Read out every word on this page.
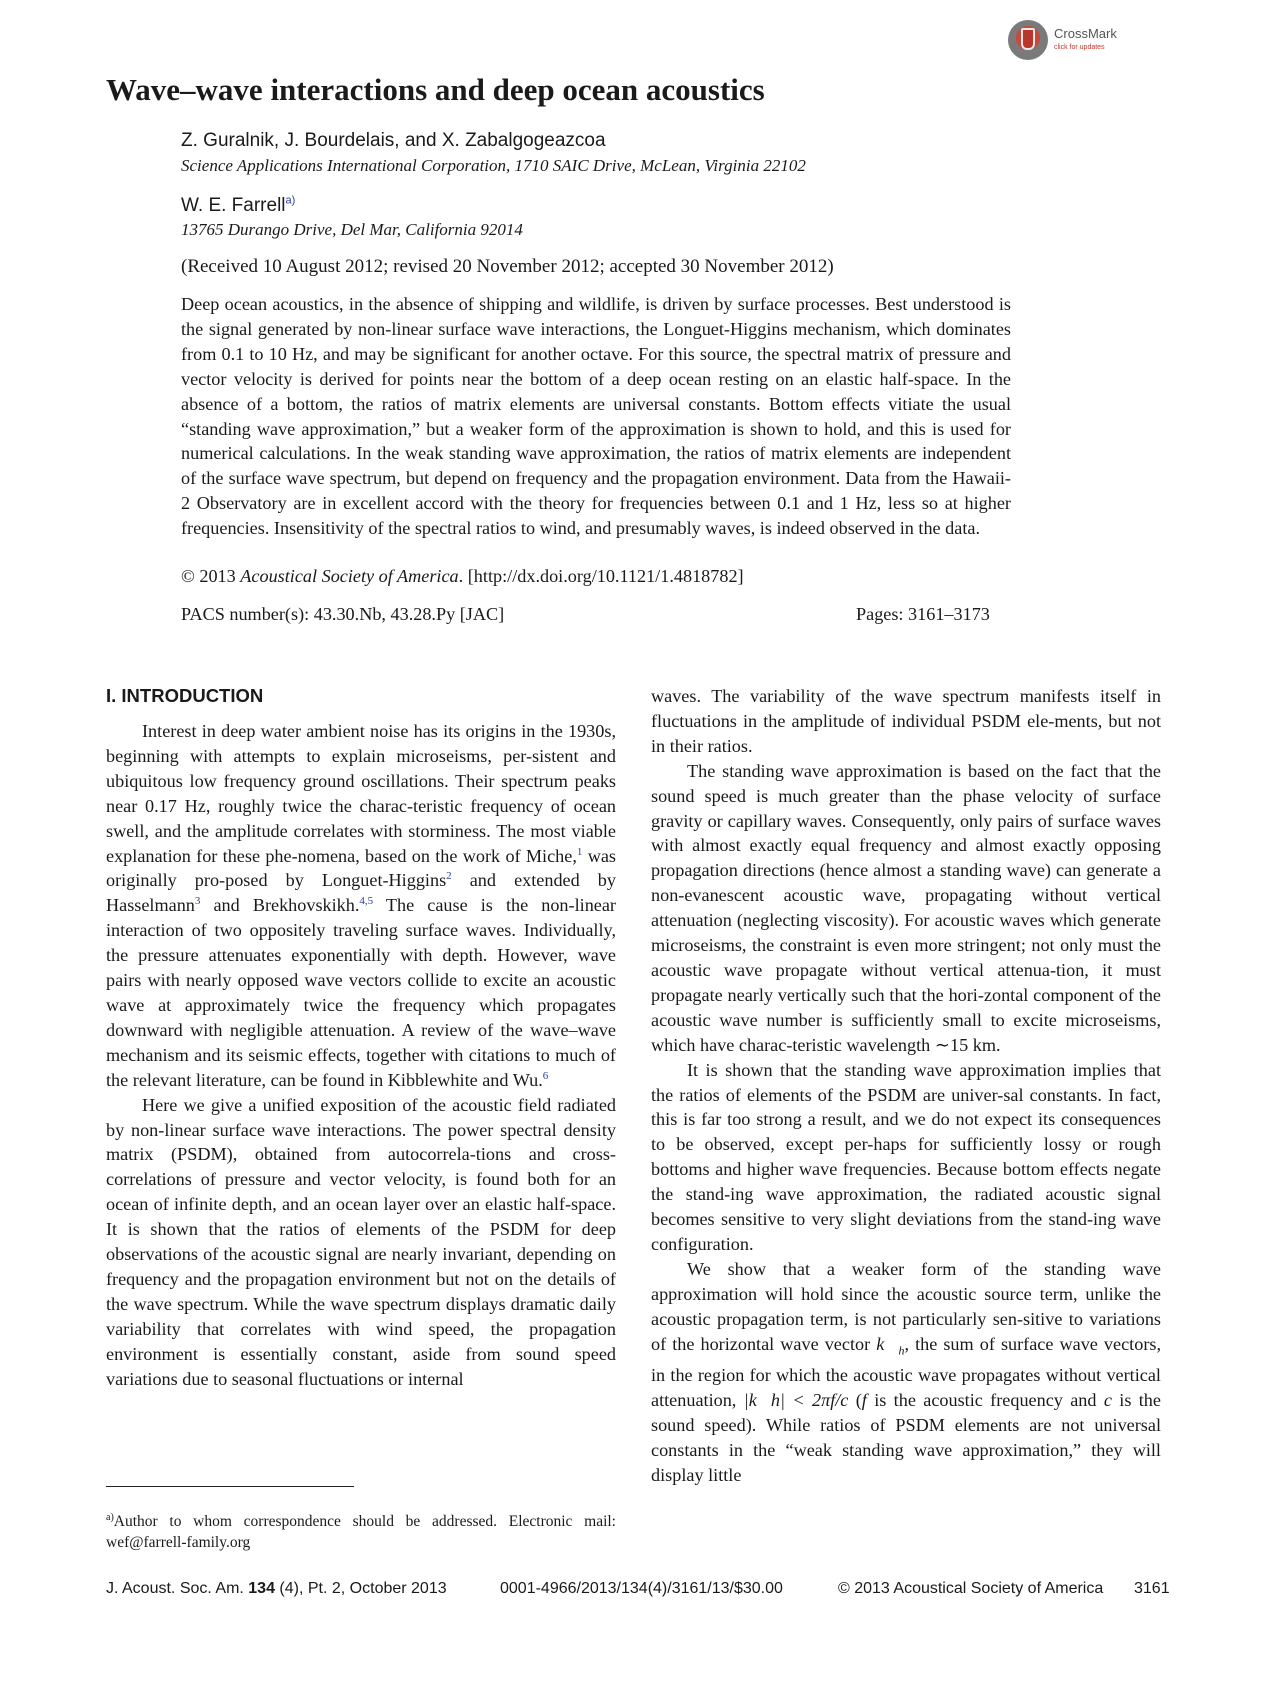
CrossMark
click for updates
Wave–wave interactions and deep ocean acoustics
Z. Guralnik, J. Bourdelais, and X. Zabalgogeazcoa
Science Applications International Corporation, 1710 SAIC Drive, McLean, Virginia 22102
W. E. Farrell$^{a)}$
13765 Durango Drive, Del Mar, California 92014
(Received 10 August 2012; revised 20 November 2012; accepted 30 November 2012)
Deep ocean acoustics, in the absence of shipping and wildlife, is driven by surface processes. Best understood is the signal generated by non-linear surface wave interactions, the Longuet-Higgins mechanism, which dominates from 0.1 to 10 Hz, and may be significant for another octave. For this source, the spectral matrix of pressure and vector velocity is derived for points near the bottom of a deep ocean resting on an elastic half-space. In the absence of a bottom, the ratios of matrix elements are universal constants. Bottom effects vitiate the usual “standing wave approximation,” but a weaker form of the approximation is shown to hold, and this is used for numerical calculations. In the weak standing wave approximation, the ratios of matrix elements are independent of the surface wave spectrum, but depend on frequency and the propagation environment. Data from the Hawaii-2 Observatory are in excellent accord with the theory for frequencies between 0.1 and 1 Hz, less so at higher frequencies. Insensitivity of the spectral ratios to wind, and presumably waves, is indeed observed in the data.
© 2013 Acoustical Society of America. [http://dx.doi.org/10.1121/1.4818782]
PACS number(s): 43.30.Nb, 43.28.Py [JAC]	Pages: 3161–3173
I. INTRODUCTION

Interest in deep water ambient noise has its origins in the 1930s, beginning with attempts to explain microseisms, per-sistent and ubiquitous low frequency ground oscillations. Their spectrum peaks near 0.17 Hz, roughly twice the charac-teristic frequency of ocean swell, and the amplitude correlates with storminess. The most viable explanation for these phe-nomena, based on the work of Miche,$^1$ was originally pro-posed by Longuet-Higgins$^2$ and extended by Hasselmann$^3$ and Brekhovskikh.$^{4,5}$ The cause is the non-linear interaction of two oppositely traveling surface waves. Individually, the pressure attenuates exponentially with depth. However, wave pairs with nearly opposed wave vectors collide to excite an acoustic wave at approximately twice the frequency which propagates downward with negligible attenuation. A review of the wave–wave mechanism and its seismic effects, together with citations to much of the relevant literature, can be found in Kibblewhite and Wu.$^6$

Here we give a unified exposition of the acoustic field radiated by non-linear surface wave interactions. The power spectral density matrix (PSDM), obtained from autocorrela-tions and cross-correlations of pressure and vector velocity, is found both for an ocean of infinite depth, and an ocean layer over an elastic half-space. It is shown that the ratios of elements of the PSDM for deep observations of the acoustic signal are nearly invariant, depending on frequency and the propagation environment but not on the details of the wave spectrum. While the wave spectrum displays dramatic daily variability that correlates with wind speed, the propagation environment is essentially constant, aside from sound speed variations due to seasonal fluctuations or internal

waves. The variability of the wave spectrum manifests itself in fluctuations in the amplitude of individual PSDM ele-ments, but not in their ratios.

The standing wave approximation is based on the fact that the sound speed is much greater than the phase velocity of surface gravity or capillary waves. Consequently, only pairs of surface waves with almost exactly equal frequency and almost exactly opposing propagation directions (hence almost a standing wave) can generate a non-evanescent acoustic wave, propagating without vertical attenuation (neglecting viscosity). For acoustic waves which generate microseisms, the constraint is even more stringent; not only must the acoustic wave propagate without vertical attenua-tion, it must propagate nearly vertically such that the hori-zontal component of the acoustic wave number is sufficiently small to excite microseisms, which have charac-teristic wavelength ∼15 km.

It is shown that the standing wave approximation implies that the ratios of elements of the PSDM are univer-sal constants. In fact, this is far too strong a result, and we do not expect its consequences to be observed, except per-haps for sufficiently lossy or rough bottoms and higher wave frequencies. Because bottom effects negate the stand-ing wave approximation, the radiated acoustic signal becomes sensitive to very slight deviations from the stand-ing wave configuration.

We show that a weaker form of the standing wave approximation will hold since the acoustic source term, unlike the acoustic propagation term, is not particularly sen-sitive to variations of the horizontal wave vector $k⃗_h$, the sum of surface wave vectors, in the region for which the acoustic wave propagates without vertical attenuation, |k⃗h| < 2πf/c (f is the acoustic frequency and c is the sound speed). While ratios of PSDM elements are not universal constants in the “weak standing wave approximation,” they will display little

$^{a)}$Author to whom correspondence should be addressed. Electronic mail: wef@farrell-family.org
J. Acoust. Soc. Am. 134 (4), Pt. 2, October 2013	0001-4966/2013/134(4)/3161/13/$30.00	© 2013 Acoustical Society of America 3161
